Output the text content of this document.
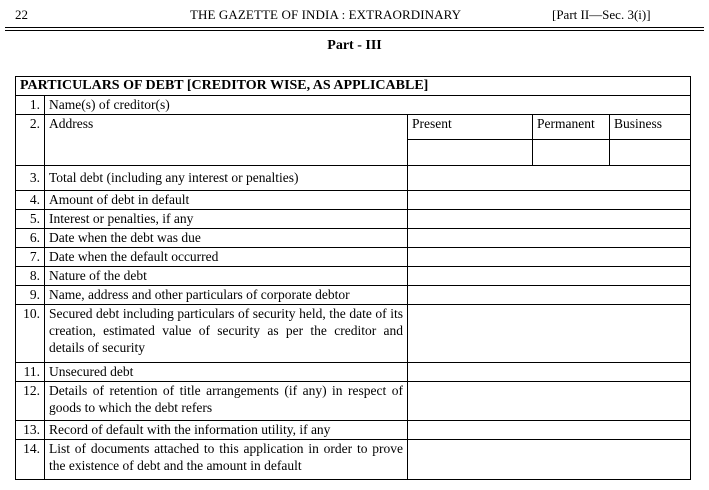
22	THE GAZETTE OF INDIA : EXTRAORDINARY	[Part II—Sec. 3(i)]
Part - III
PARTICULARS OF DEBT [CREDITOR WISE, AS APPLICABLE]				
1.	Name(s) of creditor(s)			
2.	Address	Present	Permanent	Business

3.	Total debt (including any interest or penalties)			
4.	Amount of debt in default			
5.	Interest or penalties, if any			
6.	Date when the debt was due			
7.	Date when the default occurred			
8.	Nature of the debt			
9.	Name, address and other particulars of corporate debtor			
10.	Secured debt including particulars of security held, the date of its creation, estimated value of security as per the creditor and details of security			
11.	Unsecured debt			
12.	Details of retention of title arrangements (if any) in respect of goods to which the debt refers			
13.	Record of default with the information utility, if any			
14.	List of documents attached to this application in order to prove the existence of debt and the amount in default			
